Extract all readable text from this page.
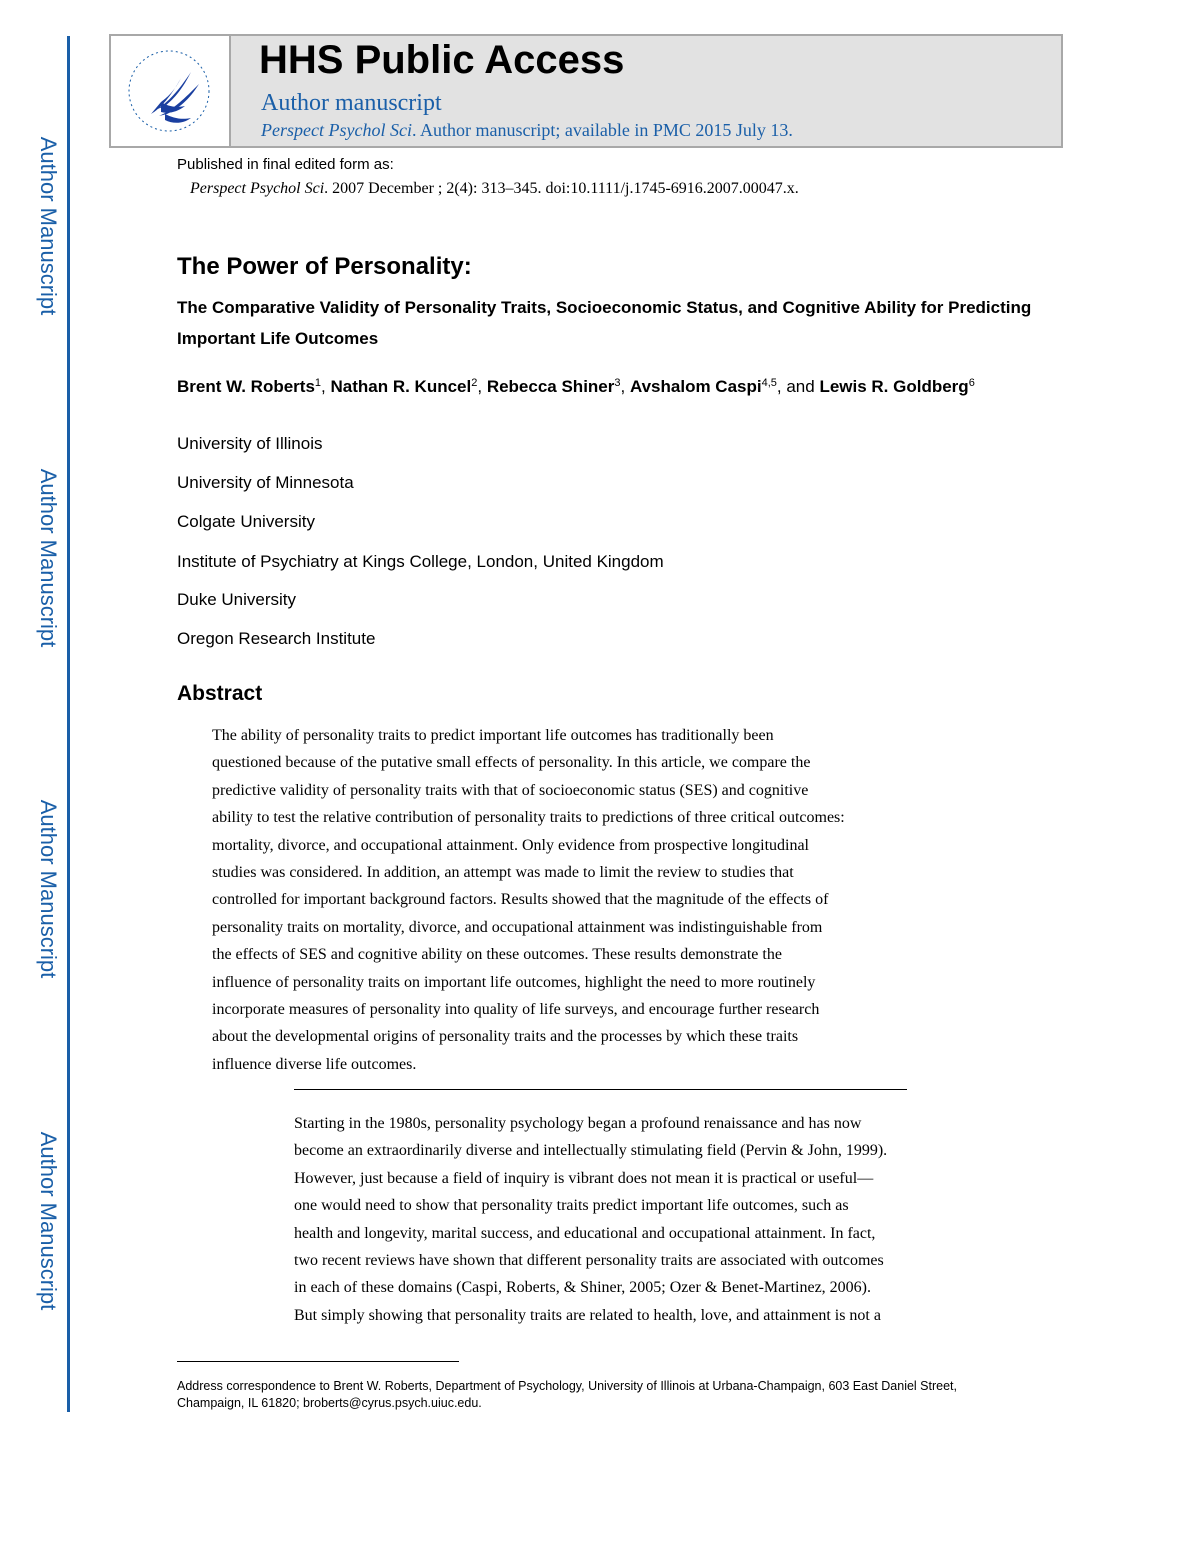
Author Manuscript
Author Manuscript
Author Manuscript
Author Manuscript
HHS Public Access
Author manuscript
Perspect Psychol Sci. Author manuscript; available in PMC 2015 July 13.
Published in final edited form as:
Perspect Psychol Sci. 2007 December ; 2(4): 313–345. doi:10.1111/j.1745-6916.2007.00047.x.
The Power of Personality:
The Comparative Validity of Personality Traits, Socioeconomic Status, and Cognitive Ability for Predicting Important Life Outcomes
Brent W. Roberts$^1$, Nathan R. Kuncel$^2$, Rebecca Shiner$^3$, Avshalom Caspi$^{4,5}$, and Lewis R. Goldberg$^6$
University of Illinois
University of Minnesota
Colgate University
Institute of Psychiatry at Kings College, London, United Kingdom
Duke University
Oregon Research Institute
Abstract
The ability of personality traits to predict important life outcomes has traditionally been
questioned because of the putative small effects of personality. In this article, we compare the
predictive validity of personality traits with that of socioeconomic status (SES) and cognitive
ability to test the relative contribution of personality traits to predictions of three critical outcomes:
mortality, divorce, and occupational attainment. Only evidence from prospective longitudinal
studies was considered. In addition, an attempt was made to limit the review to studies that
controlled for important background factors. Results showed that the magnitude of the effects of
personality traits on mortality, divorce, and occupational attainment was indistinguishable from
the effects of SES and cognitive ability on these outcomes. These results demonstrate the
influence of personality traits on important life outcomes, highlight the need to more routinely
incorporate measures of personality into quality of life surveys, and encourage further research
about the developmental origins of personality traits and the processes by which these traits
influence diverse life outcomes.
Starting in the 1980s, personality psychology began a profound renaissance and has now
become an extraordinarily diverse and intellectually stimulating field (Pervin & John, 1999).
However, just because a field of inquiry is vibrant does not mean it is practical or useful—
one would need to show that personality traits predict important life outcomes, such as
health and longevity, marital success, and educational and occupational attainment. In fact,
two recent reviews have shown that different personality traits are associated with outcomes
in each of these domains (Caspi, Roberts, & Shiner, 2005; Ozer & Benet-Martinez, 2006).
But simply showing that personality traits are related to health, love, and attainment is not a
Address correspondence to Brent W. Roberts, Department of Psychology, University of Illinois at Urbana-Champaign, 603 East Daniel Street, Champaign, IL 61820; broberts@cyrus.psych.uiuc.edu.
